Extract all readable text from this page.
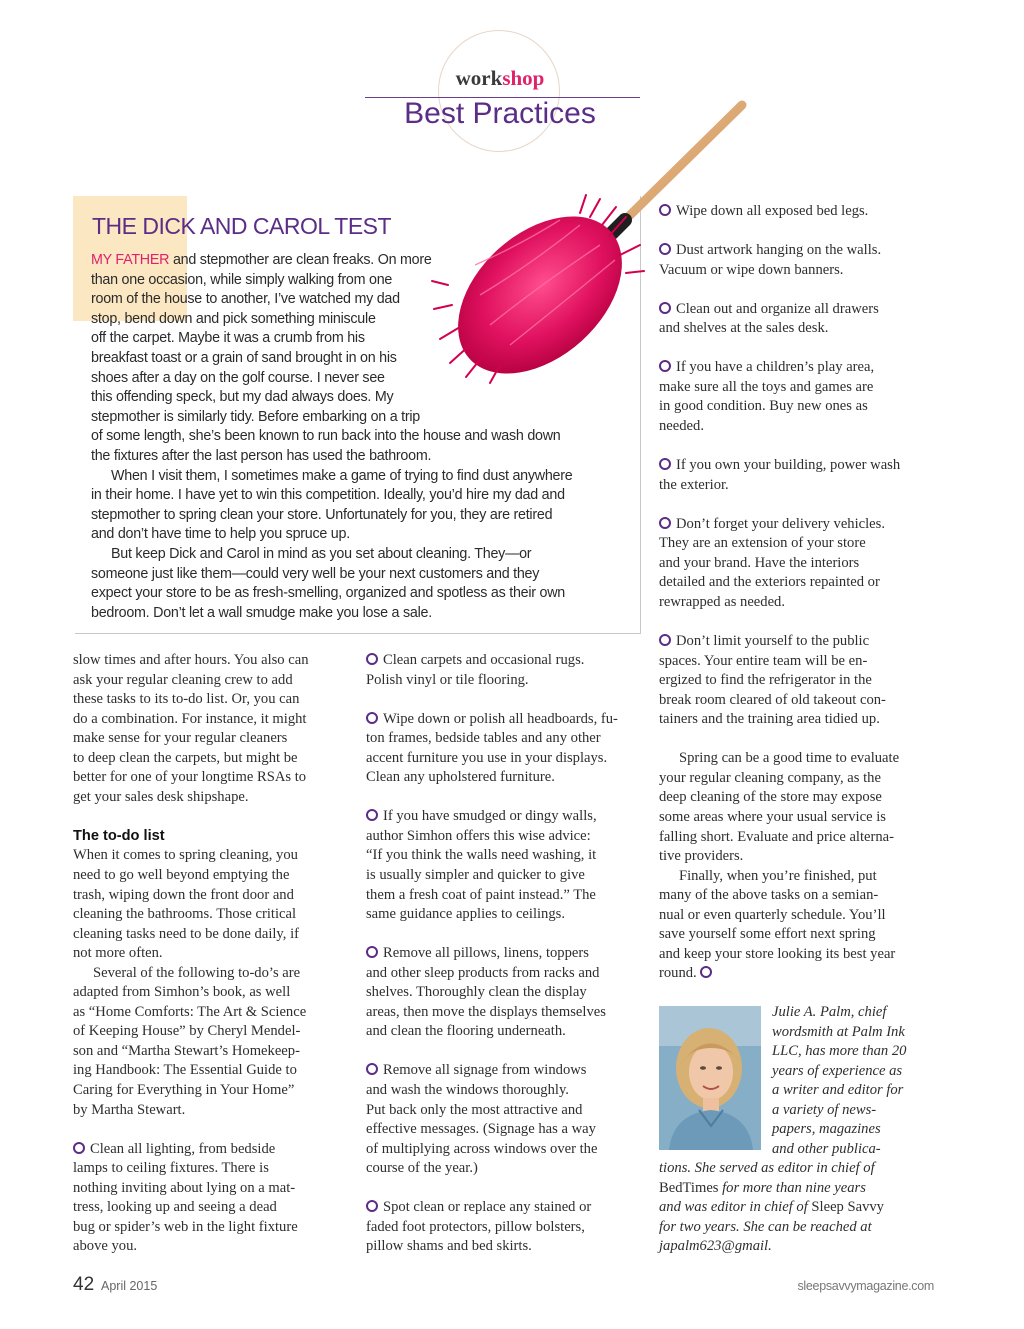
workshop
Best Practices
THE DICK AND CAROL TEST
MY FATHER and stepmother are clean freaks. On more
than one occasion, while simply walking from one
room of the house to another, I’ve watched my dad
stop, bend down and pick something miniscule
off the carpet. Maybe it was a crumb from his
breakfast toast or a grain of sand brought in on his
shoes after a day on the golf course. I never see
this offending speck, but my dad always does. My
stepmother is similarly tidy. Before embarking on a trip
of some length, she’s been known to run back into the house and wash down
the fixtures after the last person has used the bathroom.
When I visit them, I sometimes make a game of trying to find dust anywhere
in their home. I have yet to win this competition. Ideally, you’d hire my dad and
stepmother to spring clean your store. Unfortunately for you, they are retired
and don’t have time to help you spruce up.
But keep Dick and Carol in mind as you set about cleaning. They—or
someone just like them—could very well be your next customers and they
expect your store to be as fresh-smelling, organized and spotless as their own
bedroom. Don’t let a wall smudge make you lose a sale.
slow times and after hours. You also can
ask your regular cleaning crew to add
these tasks to its to-do list. Or, you can
do a combination. For instance, it might
make sense for your regular cleaners
to deep clean the carpets, but might be
better for one of your longtime RSAs to
get your sales desk shipshape.
The to-do list
When it comes to spring cleaning, you
need to go well beyond emptying the
trash, wiping down the front door and
cleaning the bathrooms. Those critical
cleaning tasks need to be done daily, if
not more often.
Several of the following to-do’s are
adapted from Simhon’s book, as well
as “Home Comforts: The Art & Science
of Keeping House” by Cheryl Mendel-
son and “Martha Stewart’s Homekeep-
ing Handbook: The Essential Guide to
Caring for Everything in Your Home”
by Martha Stewart.
Clean all lighting, from bedside
lamps to ceiling fixtures. There is
nothing inviting about lying on a mat-
tress, looking up and seeing a dead
bug or spider’s web in the light fixture
above you.
Clean carpets and occasional rugs.
Polish vinyl or tile flooring.
Wipe down or polish all headboards, fu-
ton frames, bedside tables and any other
accent furniture you use in your displays.
Clean any upholstered furniture.
If you have smudged or dingy walls,
author Simhon offers this wise advice:
“If you think the walls need washing, it
is usually simpler and quicker to give
them a fresh coat of paint instead.” The
same guidance applies to ceilings.
Remove all pillows, linens, toppers
and other sleep products from racks and
shelves. Thoroughly clean the display
areas, then move the displays themselves
and clean the flooring underneath.
Remove all signage from windows
and wash the windows thoroughly.
Put back only the most attractive and
effective messages. (Signage has a way
of multiplying across windows over the
course of the year.)
Spot clean or replace any stained or
faded foot protectors, pillow bolsters,
pillow shams and bed skirts.
Wipe down all exposed bed legs.
Dust artwork hanging on the walls.
Vacuum or wipe down banners.
Clean out and organize all drawers
and shelves at the sales desk.
If you have a children’s play area,
make sure all the toys and games are
in good condition. Buy new ones as
needed.
If you own your building, power wash
the exterior.
Don’t forget your delivery vehicles.
They are an extension of your store
and your brand. Have the interiors
detailed and the exteriors repainted or
rewrapped as needed.
Don’t limit yourself to the public
spaces. Your entire team will be en-
ergized to find the refrigerator in the
break room cleared of old takeout con-
tainers and the training area tidied up.
Spring can be a good time to evaluate
your regular cleaning company, as the
deep cleaning of the store may expose
some areas where your usual service is
falling short. Evaluate and price alterna-
tive providers.
Finally, when you’re finished, put
many of the above tasks on a semian-
nual or even quarterly schedule. You’ll
save yourself some effort next spring
and keep your store looking its best year
round.
Julie A. Palm, chief
wordsmith at Palm Ink
LLC, has more than 20
years of experience as
a writer and editor for
a variety of news-
papers, magazines
and other publica-
tions. She served as editor in chief of
BedTimes for more than nine years
and was editor in chief of Sleep Savvy
for two years. She can be reached at
japalm623@gmail.
42 April 2015	sleepsavvymagazine.com
